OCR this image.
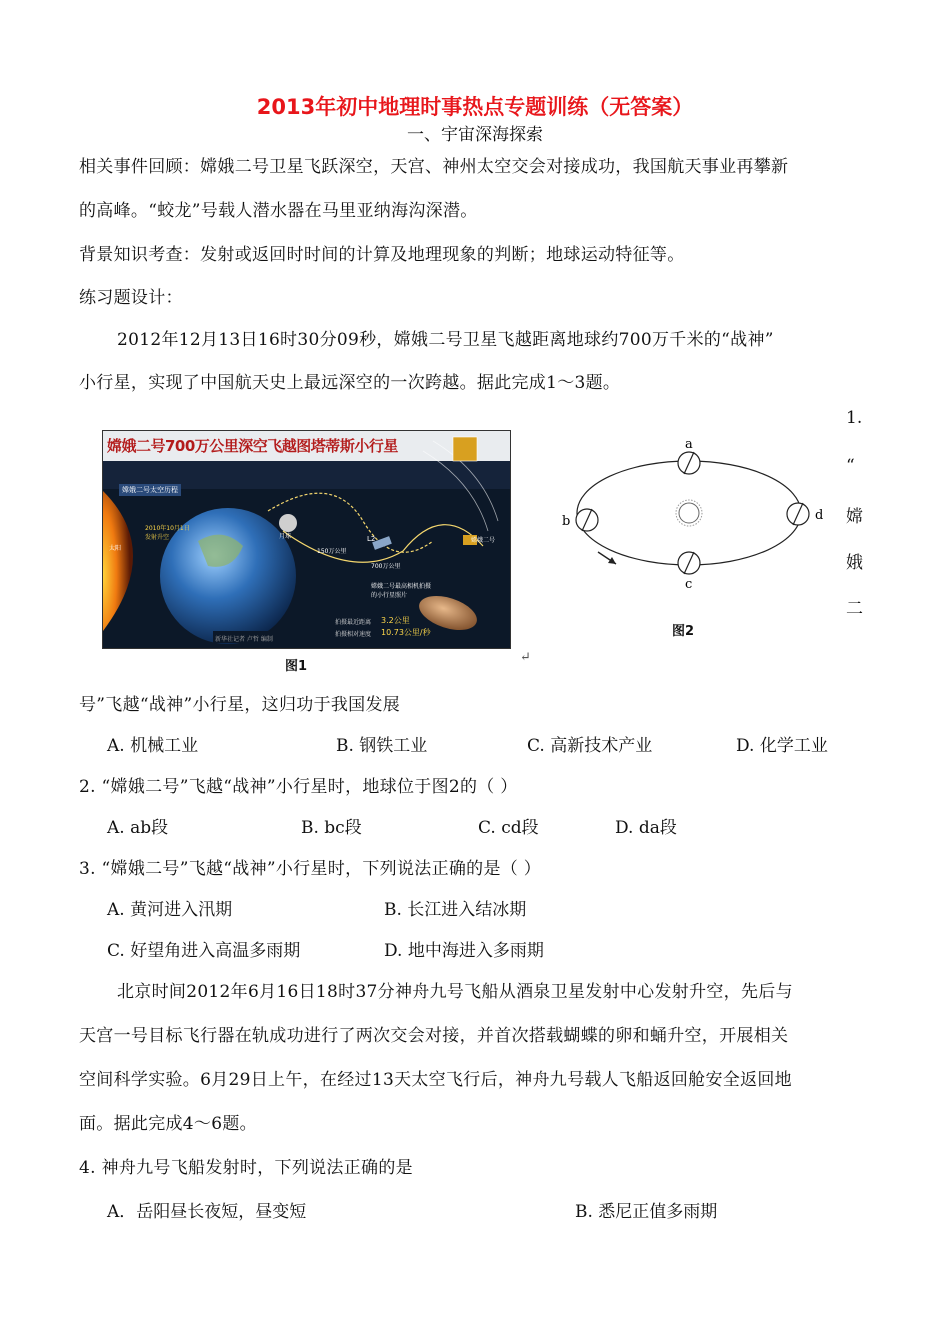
2013年初中地理时事热点专题训练（无答案）
一、宇宙深海探索
相关事件回顾：嫦娥二号卫星飞跃深空，天宫、神州太空交会对接成功，我国航天事业再攀新
的高峰。“蛟龙”号载人潜水器在马里亚纳海沟深潜。
背景知识考查：发射或返回时时间的计算及地理现象的判断；地球运动特征等。
练习题设计：
2012年12月13日16时30分09秒，嫦娥二号卫星飞越距离地球约700万千米的“战神”
小行星，实现了中国航天史上最远深空的一次跨越。据此完成1～3题。
嫦娥二号700万公里深空飞越图塔蒂斯小行星
嫦娥二号太空历程
2010年10月1日 发射升空	月球
太阳
L2
150万公里
700万公里
嫦娥二号
嫦娥二号最高相机拍摄的小行星照片
拍摄最近距离 3.2公里
拍摄相对速度 10.73公里/秒
新华社记者 卢哲 编制
图1
↵
a
b
c
d
图2
1.
“
嫦
娥
二
号”飞越“战神”小行星，这归功于我国发展
A. 机械工业	B. 钢铁工业	C. 高新技术产业	D. 化学工业
2. “嫦娥二号”飞越“战神”小行星时，地球位于图2的（ ）
A. ab段	B. bc段	C. cd段	D. da段
3. “嫦娥二号”飞越“战神”小行星时，下列说法正确的是（ ）
A. 黄河进入汛期	B. 长江进入结冰期
C. 好望角进入高温多雨期	D. 地中海进入多雨期
北京时间2012年6月16日18时37分神舟九号飞船从酒泉卫星发射中心发射升空，先后与
天宫一号目标飞行器在轨成功进行了两次交会对接，并首次搭载蝴蝶的卵和蛹升空，开展相关
空间科学实验。6月29日上午，在经过13天太空飞行后，神舟九号载人飞船返回舱安全返回地
面。据此完成4～6题。
4. 神舟九号飞船发射时，下列说法正确的是
A．岳阳昼长夜短，昼变短	B. 悉尼正值多雨期
